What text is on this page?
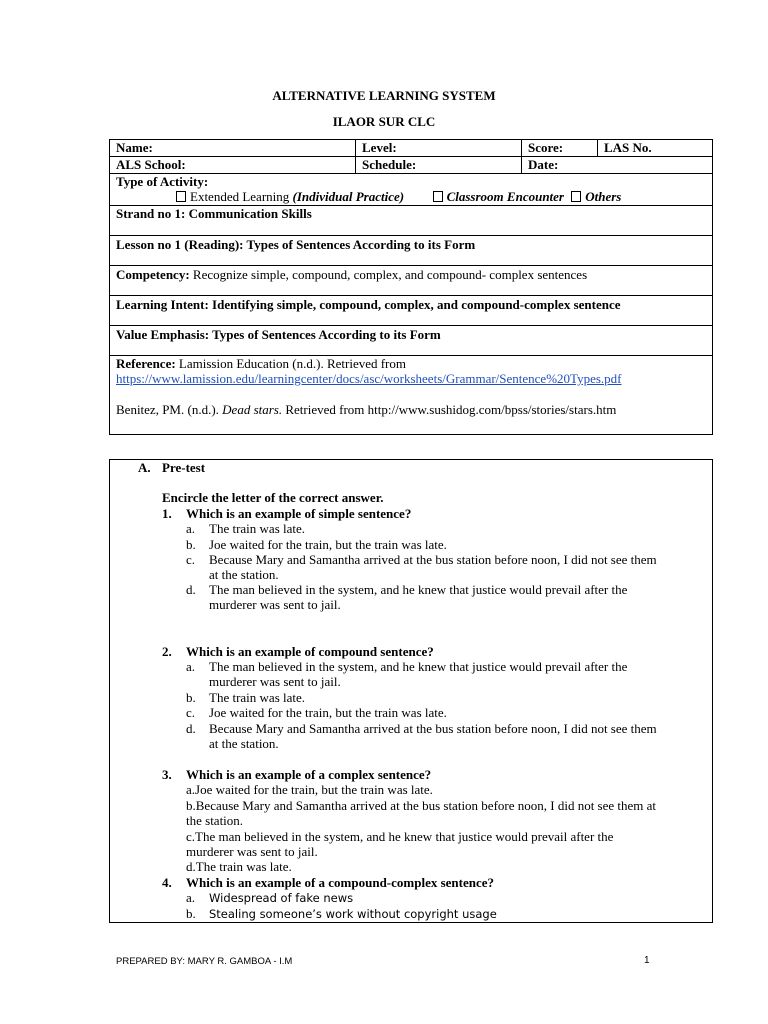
ALTERNATIVE LEARNING SYSTEM
ILAOR SUR CLC
Name:	Level:	Score:	LAS No.
ALS School:	Schedule:	Date:
Type of Activity:
Extended Learning (Individual Practice)	Classroom Encounter Others
Strand no 1: Communication Skills
Lesson no 1 (Reading): Types of Sentences According to its Form
Competency: Recognize simple, compound, complex, and compound- complex sentences
Learning Intent: Identifying simple, compound, complex, and compound-complex sentence
Value Emphasis: Types of Sentences According to its Form
Reference: Lamission Education (n.d.). Retrieved from
https://www.lamission.edu/learningcenter/docs/asc/worksheets/Grammar/Sentence%20Types.pdf
Benitez, PM. (n.d.). Dead stars. Retrieved from http://www.sushidog.com/bpss/stories/stars.htm
A. Pre-test
Encircle the letter of the correct answer.
1. Which is an example of simple sentence?
a. The train was late.
b. Joe waited for the train, but the train was late.
c. Because Mary and Samantha arrived at the bus station before noon, I did not see them
at the station.
d. The man believed in the system, and he knew that justice would prevail after the
murderer was sent to jail.
2. Which is an example of compound sentence?
a. The man believed in the system, and he knew that justice would prevail after the
murderer was sent to jail.
b. The train was late.
c. Joe waited for the train, but the train was late.
d. Because Mary and Samantha arrived at the bus station before noon, I did not see them
at the station.
3. Which is an example of a complex sentence?
a.Joe waited for the train, but the train was late.
b.Because Mary and Samantha arrived at the bus station before noon, I did not see them at
the station.
c.The man believed in the system, and he knew that justice would prevail after the
murderer was sent to jail.
d.The train was late.
4. Which is an example of a compound-complex sentence?
a. Widespread of fake news
b. Stealing someone’s work without copyright usage
PREPARED BY: MARY R. GAMBOA - I.M	1
